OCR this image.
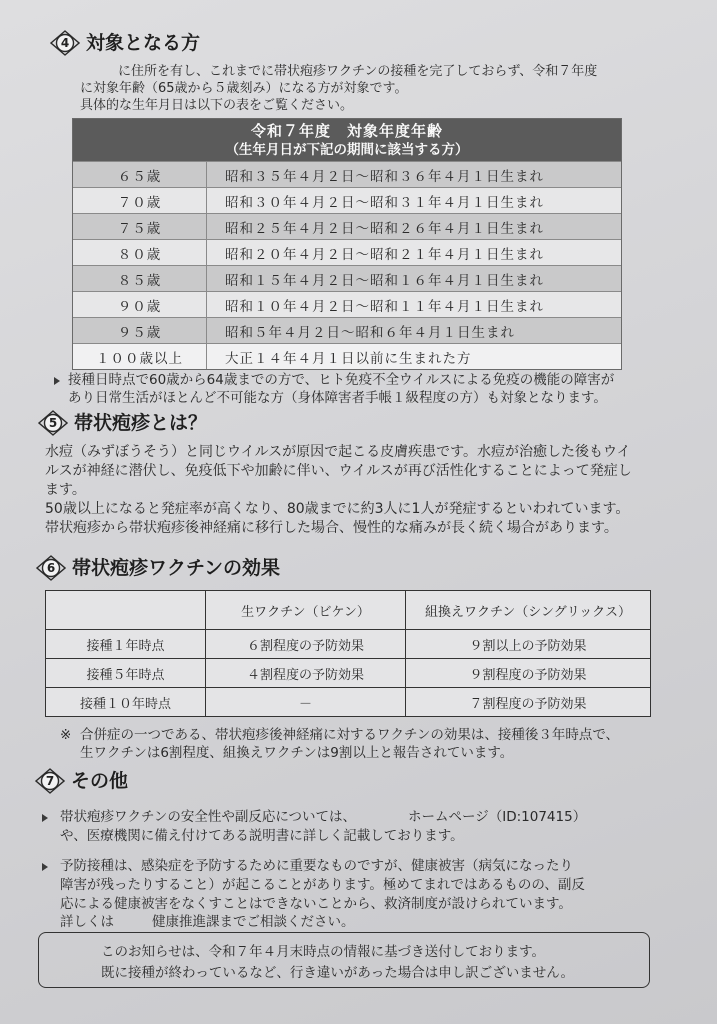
4 対象となる方
に住所を有し、これまでに帯状疱疹ワクチンの接種を完了しておらず、令和７年度
に対象年齢（65歳から５歳刻み）になる方が対象です。
具体的な生年月日は以下の表をご覧ください。
令和７年度　対象年度年齢
（生年月日が下記の期間に該当する方）
６５歳	昭和３５年４月２日～昭和３６年４月１日生まれ
７０歳	昭和３０年４月２日～昭和３１年４月１日生まれ
７５歳	昭和２５年４月２日～昭和２６年４月１日生まれ
８０歳	昭和２０年４月２日～昭和２１年４月１日生まれ
８５歳	昭和１５年４月２日～昭和１６年４月１日生まれ
９０歳	昭和１０年４月２日～昭和１１年４月１日生まれ
９５歳	昭和５年４月２日～昭和６年４月１日生まれ
１００歳以上	大正１４年４月１日以前に生まれた方
接種日時点で60歳から64歳までの方で、ヒト免疫不全ウイルスによる免疫の機能の障害が
あり日常生活がほとんど不可能な方（身体障害者手帳１級程度の方）も対象となります。
5 帯状疱疹とは？
水痘（みずぼうそう）と同じウイルスが原因で起こる皮膚疾患です。水痘が治癒した後もウイ
ルスが神経に潜伏し、免疫低下や加齢に伴い、ウイルスが再び活性化することによって発症し
ます。
50歳以上になると発症率が高くなり、80歳までに約3人に1人が発症するといわれています。
帯状疱疹から帯状疱疹後神経痛に移行した場合、慢性的な痛みが長く続く場合があります。
6 帯状疱疹ワクチンの効果
	生ワクチン（ビケン）	組換えワクチン（シングリックス）
接種１年時点	６割程度の予防効果	９割以上の予防効果
接種５年時点	４割程度の予防効果	９割程度の予防効果
接種１０年時点	－	７割程度の予防効果
※ 合併症の一つである、帯状疱疹後神経痛に対するワクチンの効果は、接種後３年時点で、
生ワクチンは6割程度、組換えワクチンは9割以上と報告されています。
7 その他
帯状疱疹ワクチンの安全性や副反応については、	ホームページ（ID:107415）
や、医療機関に備え付けてある説明書に詳しく記載しております。
予防接種は、感染症を予防するために重要なものですが、健康被害（病気になったり
障害が残ったりすること）が起こることがあります。極めてまれではあるものの、副反
応による健康被害をなくすことはできないことから、救済制度が設けられています。
詳しくは	健康推進課までご相談ください。
このお知らせは、令和７年４月末時点の情報に基づき送付しております。
既に接種が終わっているなど、行き違いがあった場合は申し訳ございません。
